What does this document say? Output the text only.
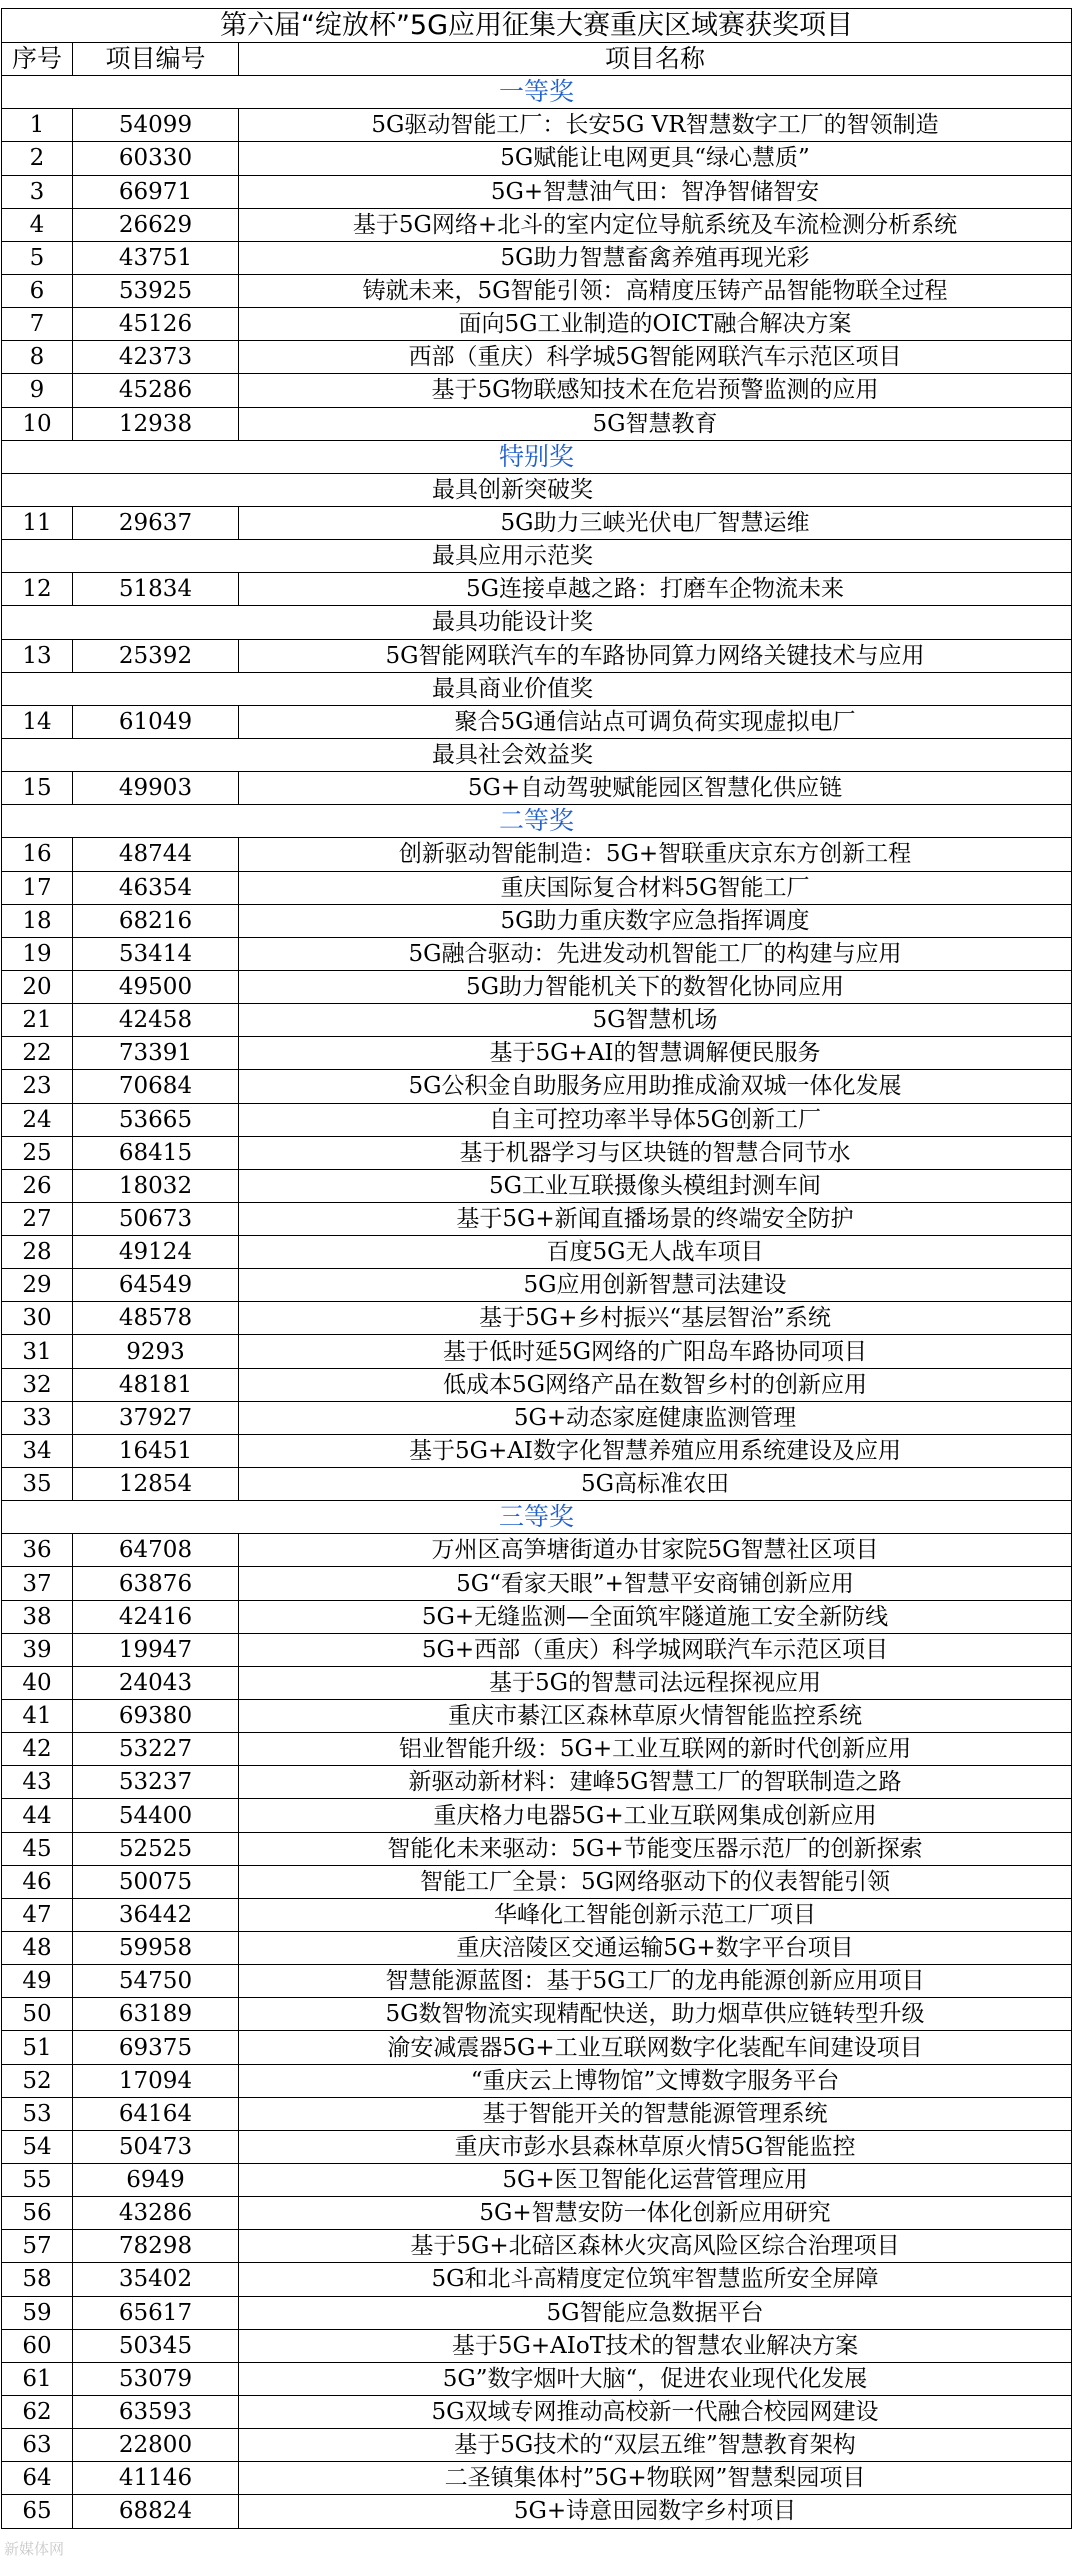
第六届“绽放杯”5G应用征集大赛重庆区域赛获奖项目		
序号	项目编号	项目名称
一等奖		
1	54099	5G驱动智能工厂：长安5G VR智慧数字工厂的智领制造
2	60330	5G赋能让电网更具“绿心慧质”
3	66971	5G+智慧油气田：智净智储智安
4	26629	基于5G网络+北斗的室内定位导航系统及车流检测分析系统
5	43751	5G助力智慧畜禽养殖再现光彩
6	53925	铸就未来，5G智能引领：高精度压铸产品智能物联全过程
7	45126	面向5G工业制造的OICT融合解决方案
8	42373	西部（重庆）科学城5G智能网联汽车示范区项目
9	45286	基于5G物联感知技术在危岩预警监测的应用
10	12938	5G智慧教育
特别奖		
最具创新突破奖		
11	29637	5G助力三峡光伏电厂智慧运维
最具应用示范奖		
12	51834	5G连接卓越之路：打磨车企物流未来
最具功能设计奖		
13	25392	5G智能网联汽车的车路协同算力网络关键技术与应用
最具商业价值奖		
14	61049	聚合5G通信站点可调负荷实现虚拟电厂
最具社会效益奖		
15	49903	5G+自动驾驶赋能园区智慧化供应链
二等奖		
16	48744	创新驱动智能制造：5G+智联重庆京东方创新工程
17	46354	重庆国际复合材料5G智能工厂
18	68216	5G助力重庆数字应急指挥调度
19	53414	5G融合驱动：先进发动机智能工厂的构建与应用
20	49500	5G助力智能机关下的数智化协同应用
21	42458	5G智慧机场
22	73391	基于5G+AI的智慧调解便民服务
23	70684	5G公积金自助服务应用助推成渝双城一体化发展
24	53665	自主可控功率半导体5G创新工厂
25	68415	基于机器学习与区块链的智慧合同节水
26	18032	5G工业互联摄像头模组封测车间
27	50673	基于5G+新闻直播场景的终端安全防护
28	49124	百度5G无人战车项目
29	64549	5G应用创新智慧司法建设
30	48578	基于5G+乡村振兴“基层智治”系统
31	9293	基于低时延5G网络的广阳岛车路协同项目
32	48181	低成本5G网络产品在数智乡村的创新应用
33	37927	5G+动态家庭健康监测管理
34	16451	基于5G+AI数字化智慧养殖应用系统建设及应用
35	12854	5G高标准农田
三等奖		
36	64708	万州区高笋塘街道办甘家院5G智慧社区项目
37	63876	5G“看家天眼”+智慧平安商铺创新应用
38	42416	5G+无缝监测—全面筑牢隧道施工安全新防线
39	19947	5G+西部（重庆）科学城网联汽车示范区项目
40	24043	基于5G的智慧司法远程探视应用
41	69380	重庆市綦江区森林草原火情智能监控系统
42	53227	铝业智能升级：5G+工业互联网的新时代创新应用
43	53237	新驱动新材料：建峰5G智慧工厂的智联制造之路
44	54400	重庆格力电器5G+工业互联网集成创新应用
45	52525	智能化未来驱动：5G+节能变压器示范厂的创新探索
46	50075	智能工厂全景：5G网络驱动下的仪表智能引领
47	36442	华峰化工智能创新示范工厂项目
48	59958	重庆涪陵区交通运输5G+数字平台项目
49	54750	智慧能源蓝图：基于5G工厂的龙冉能源创新应用项目
50	63189	5G数智物流实现精配快送，助力烟草供应链转型升级
51	69375	渝安减震器5G+工业互联网数字化装配车间建设项目
52	17094	“重庆云上博物馆”文博数字服务平台
53	64164	基于智能开关的智慧能源管理系统
54	50473	重庆市彭水县森林草原火情5G智能监控
55	6949	5G+医卫智能化运营管理应用
56	43286	5G+智慧安防一体化创新应用研究
57	78298	基于5G+北碚区森林火灾高风险区综合治理项目
58	35402	5G和北斗高精度定位筑牢智慧监所安全屏障
59	65617	5G智能应急数据平台
60	50345	基于5G+AIoT技术的智慧农业解决方案
61	53079	5G”数字烟叶大脑“，促进农业现代化发展
62	63593	5G双域专网推动高校新一代融合校园网建设
63	22800	基于5G技术的“双层五维”智慧教育架构
64	41146	二圣镇集体村”5G+物联网”智慧梨园项目
65	68824	5G+诗意田园数字乡村项目
新媒体网
